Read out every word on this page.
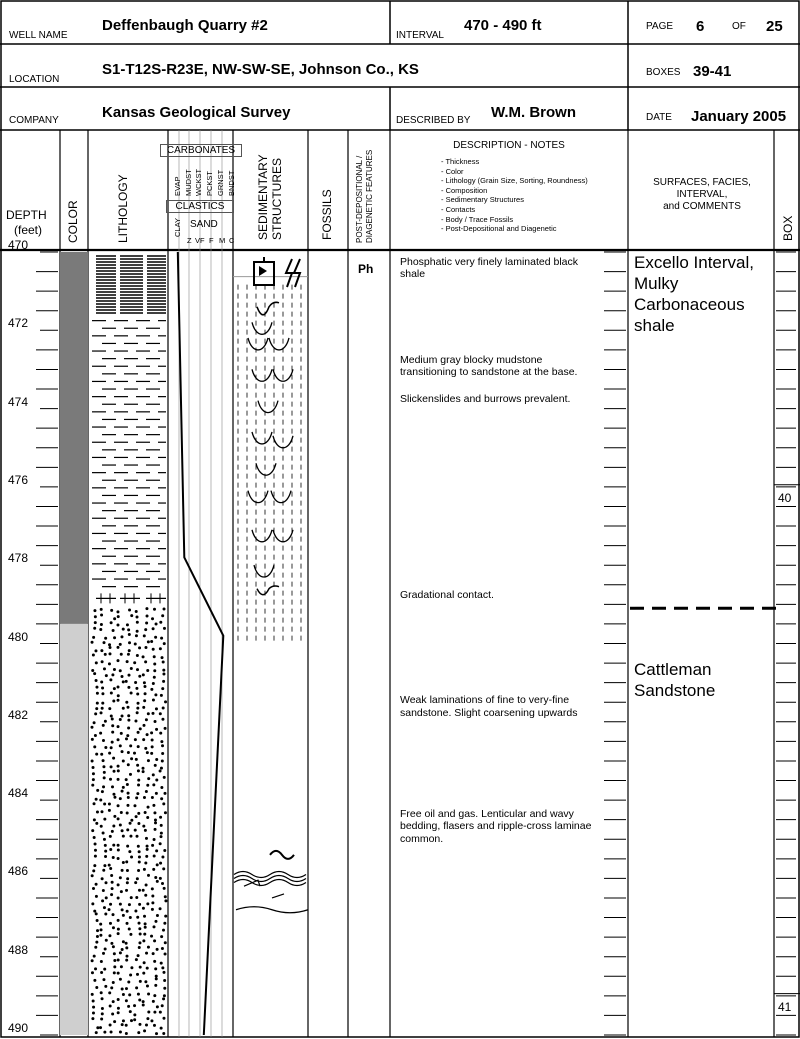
WELL NAME
Deffenbaugh Quarry #2
INTERVAL
470 - 490 ft	PAGE 6	OF 25
LOCATION
S1-T12S-R23E, NW-SW-SE, Johnson Co., KS	BOXES 39-41
COMPANY	Kansas Geological Survey	DESCRIBED BY W.M. Brown	DATE January 2005
DEPTH
(feet) COLOR	LITHOLOGY
CARBONATES
EVAP MUDST WCKST PCKST GRNST BNDST
CLASTICS
CLAY SAND
Z VF F M C
SEDIMENTARY STRUCTURES	FOSSILS	POST-DEPOSITIONAL / DIAGENETIC FEATURES
DESCRIPTION - NOTES
- Thickness
- Color
- Lithology (Grain Size, Sorting, Roundness)
- Composition
- Sedimentary Structures
- Contacts
- Body / Trace Fossils
- Post-Depositional and Diagenetic
SURFACES, FACIES,
INTERVAL,
and COMMENTS
BOX
470
472
474
476
478
480
482
484
486
488
490
Ph	Phosphatic very finely laminated black shale
Medium gray blocky mudstone transitioning to sandstone at the base.
Slickenslides and burrows prevalent.
Gradational contact.
Weak laminations of fine to very-fine sandstone. Slight coarsening upwards
Free oil and gas. Lenticular and wavy bedding, flasers and ripple-cross laminae common.
Excello Interval, Mulky Carbonaceous shale
Cattleman Sandstone
40
41
